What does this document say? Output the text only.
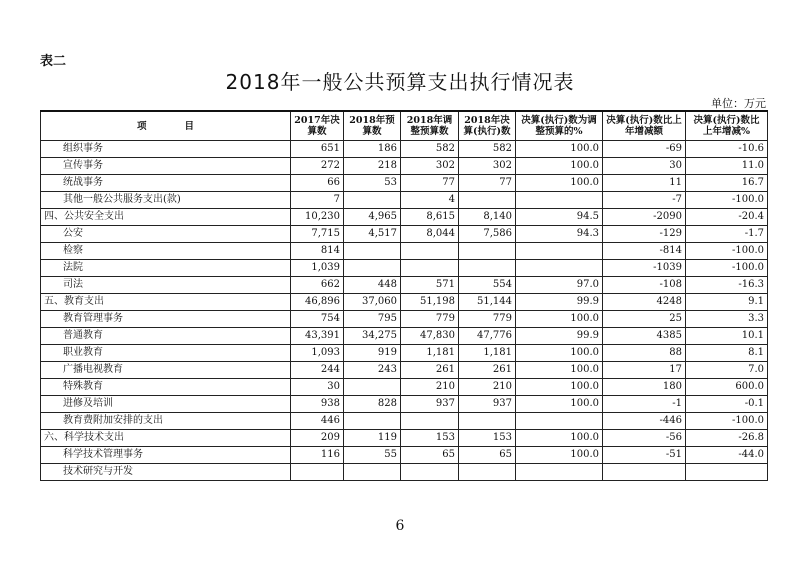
表二
2018年一般公共预算支出执行情况表
单位：万元
项　　　　目	2017年决算数	2018年预算数	2018年调整预算数	2018年决算(执行)数	决算(执行)数为调整预算的%	决算(执行)数比上年增减额	决算(执行)数比上年增减%
组织事务	651	186	582	582	100.0	-69	-10.6
宣传事务	272	218	302	302	100.0	30	11.0
统战事务	66	53	77	77	100.0	11	16.7
其他一般公共服务支出(款)	7		4			-7	-100.0
四、公共安全支出	10,230	4,965	8,615	8,140	94.5	-2090	-20.4
公安	7,715	4,517	8,044	7,586	94.3	-129	-1.7
检察	814					-814	-100.0
法院	1,039					-1039	-100.0
司法	662	448	571	554	97.0	-108	-16.3
五、教育支出	46,896	37,060	51,198	51,144	99.9	4248	9.1
教育管理事务	754	795	779	779	100.0	25	3.3
普通教育	43,391	34,275	47,830	47,776	99.9	4385	10.1
职业教育	1,093	919	1,181	1,181	100.0	88	8.1
广播电视教育	244	243	261	261	100.0	17	7.0
特殊教育	30		210	210	100.0	180	600.0
进修及培训	938	828	937	937	100.0	-1	-0.1
教育费附加安排的支出	446					-446	-100.0
六、科学技术支出	209	119	153	153	100.0	-56	-26.8
科学技术管理事务	116	55	65	65	100.0	-51	-44.0
技术研究与开发							
6
